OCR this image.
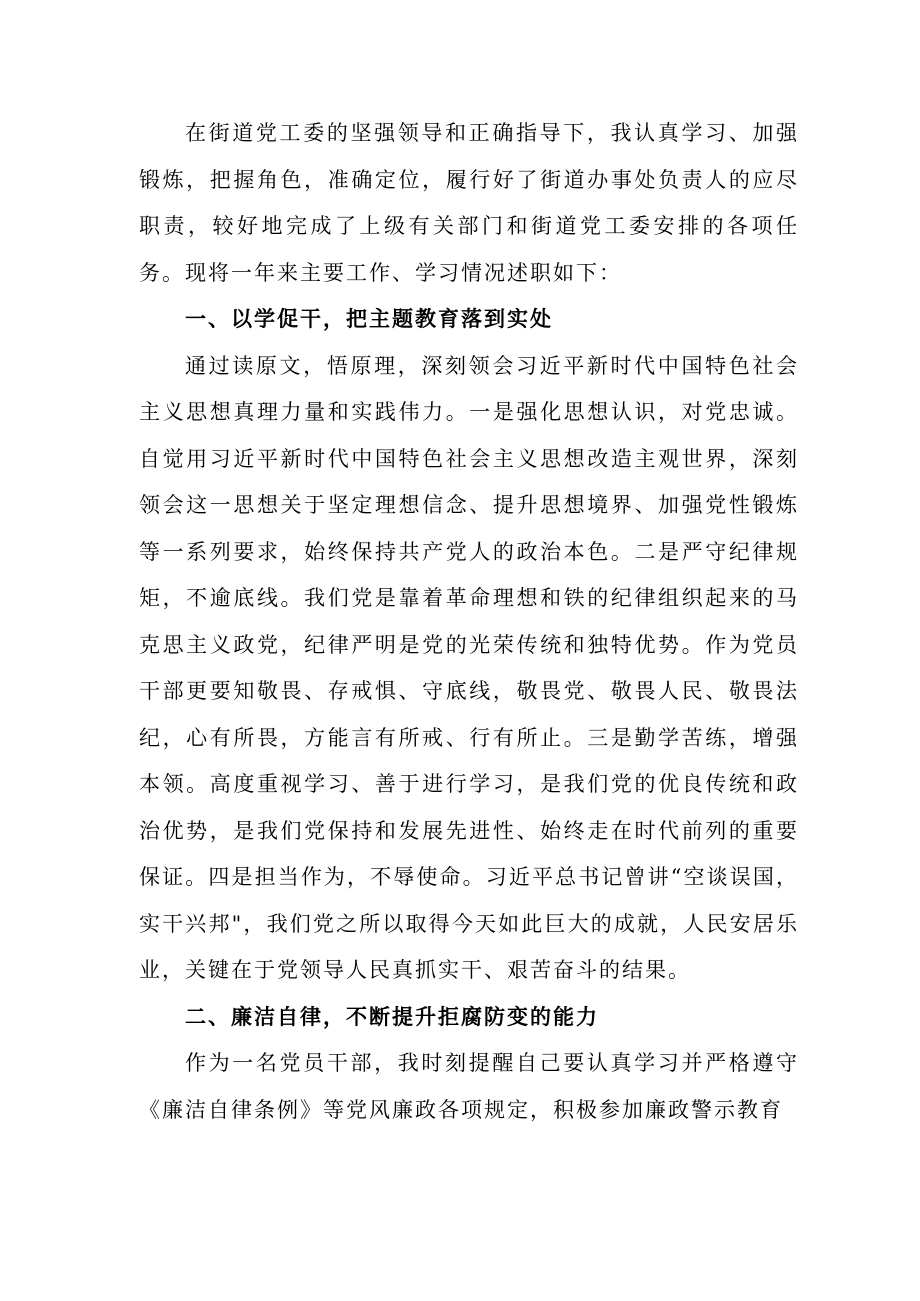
在街道党工委的坚强领导和正确指导下，我认真学习、加强锻炼，把握角色，准确定位，履行好了街道办事处负责人的应尽职责，较好地完成了上级有关部门和街道党工委安排的各项任务。现将一年来主要工作、学习情况述职如下：

一、以学促干，把主题教育落到实处

通过读原文，悟原理，深刻领会习近平新时代中国特色社会主义思想真理力量和实践伟力。一是强化思想认识，对党忠诚。自觉用习近平新时代中国特色社会主义思想改造主观世界，深刻领会这一思想关于坚定理想信念、提升思想境界、加强党性锻炼等一系列要求，始终保持共产党人的政治本色。二是严守纪律规矩，不逾底线。我们党是靠着革命理想和铁的纪律组织起来的马克思主义政党，纪律严明是党的光荣传统和独特优势。作为党员干部更要知敬畏、存戒惧、守底线，敬畏党、敬畏人民、敬畏法纪，心有所畏，方能言有所戒、行有所止。三是勤学苦练，增强本领。高度重视学习、善于进行学习，是我们党的优良传统和政治优势，是我们党保持和发展先进性、始终走在时代前列的重要保证。四是担当作为，不辱使命。习近平总书记曾讲“空谈误国，实干兴邦"，我们党之所以取得今天如此巨大的成就，人民安居乐业，关键在于党领导人民真抓实干、艰苦奋斗的结果。

二、廉洁自律，不断提升拒腐防变的能力

作为一名党员干部，我时刻提醒自己要认真学习并严格遵守《廉洁自律条例》等党风廉政各项规定，积极参加廉政警示教育
